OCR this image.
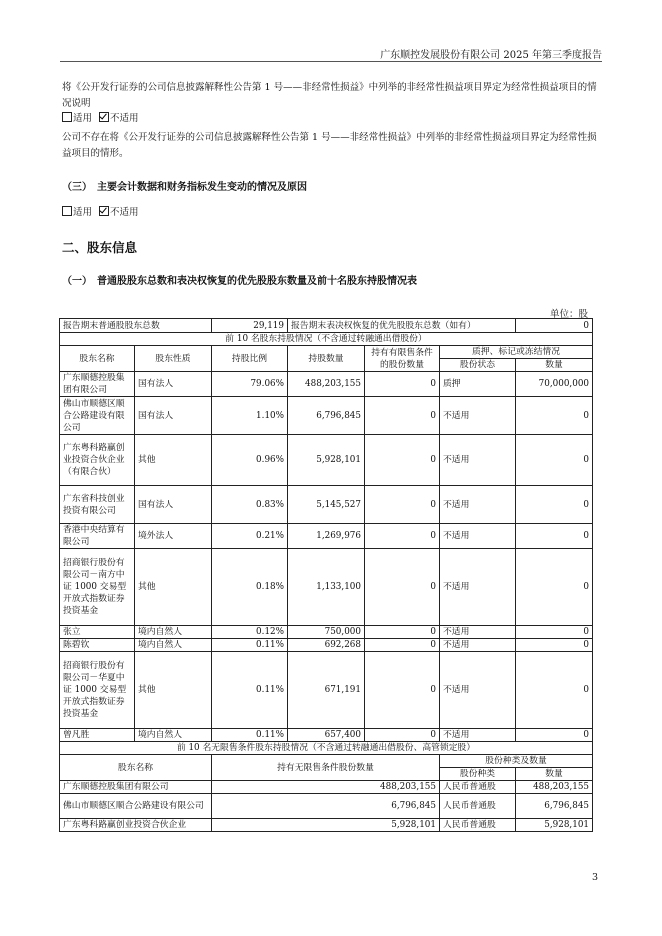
广东顺控发展股份有限公司 2025 年第三季度报告
将《公开发行证券的公司信息披露解释性公告第 1 号——非经常性损益》中列举的非经常性损益项目界定为经常性损益项目的情况说明
适用 不适用
公司不存在将《公开发行证券的公司信息披露解释性公告第 1 号——非经常性损益》中列举的非经常性损益项目界定为经常性损益项目的情形。
（三）　主要会计数据和财务指标发生变动的情况及原因
适用 不适用
二、股东信息
（一）　普通股股东总数和表决权恢复的优先股股东数量及前十名股东持股情况表
单位：股
报告期末普通股股东总数		29,119	报告期末表决权恢复的优先股股东总数（如有）			0
前 10 名股东持股情况（不含通过转融通出借股份）						
股东名称	股东性质	持股比例	持股数量	持有有限售条件的股份数量	质押、标记或冻结情况	
					股份状态	数量
广东顺德控股集团有限公司	国有法人	79.06%	488,203,155	0	质押	70,000,000
佛山市顺德区顺合公路建设有限公司	国有法人	1.10%	6,796,845	0	不适用	0
广东粤科路赢创业投资合伙企业（有限合伙）	其他	0.96%	5,928,101	0	不适用	0
广东省科技创业投资有限公司	国有法人	0.83%	5,145,527	0	不适用	0
香港中央结算有限公司	境外法人	0.21%	1,269,976	0	不适用	0
招商银行股份有限公司－南方中证 1000 交易型开放式指数证券投资基金	其他	0.18%	1,133,100	0	不适用	0
张立	境内自然人	0.12%	750,000	0	不适用	0
陈碧钦	境内自然人	0.11%	692,268	0	不适用	0
招商银行股份有限公司－华夏中证 1000 交易型开放式指数证券投资基金	其他	0.11%	671,191	0	不适用	0
曾凡胜	境内自然人	0.11%	657,400	0	不适用	0
前 10 名无限售条件股东持股情况（不含通过转融通出借股份、高管锁定股）						
股东名称		持有无限售条件股份数量			股份种类及数量	
					股份种类	数量
广东顺德控股集团有限公司		488,203,155			人民币普通股	488,203,155
佛山市顺德区顺合公路建设有限公司		6,796,845			人民币普通股	6,796,845
广东粤科路赢创业投资合伙企业		5,928,101			人民币普通股	5,928,101
3
